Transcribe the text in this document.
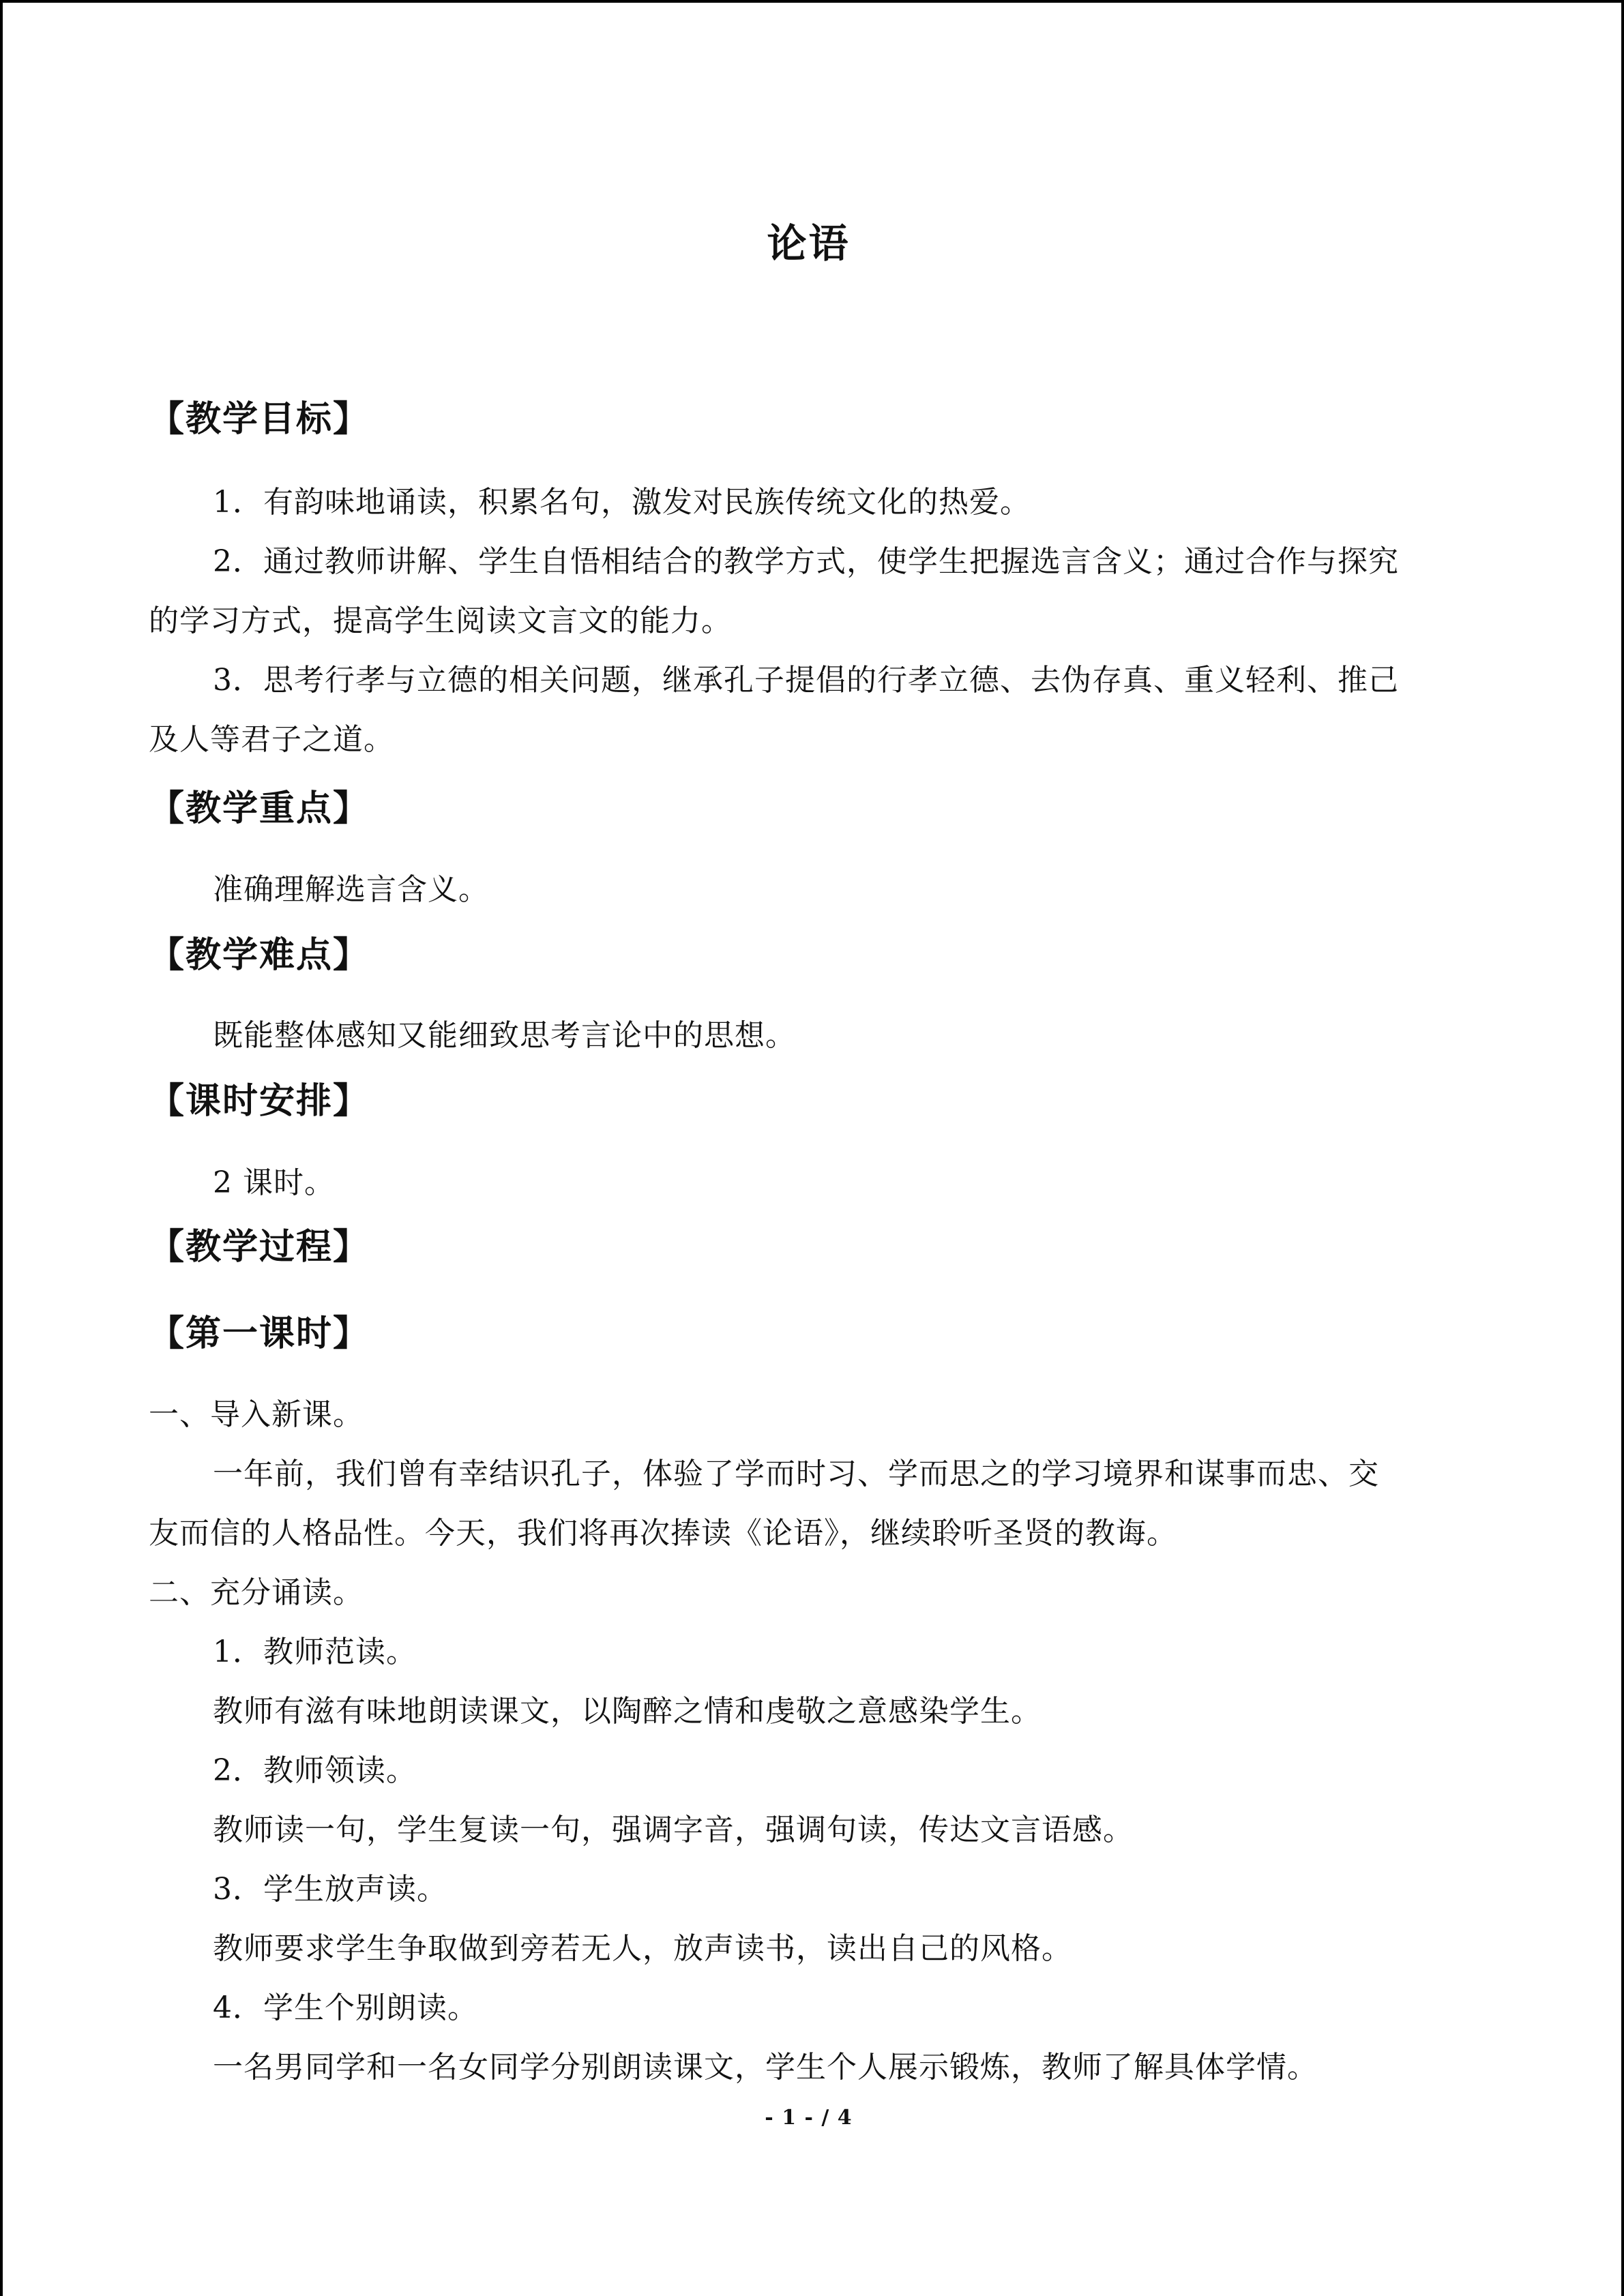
论语
【教学目标】
1．有韵味地诵读，积累名句，激发对民族传统文化的热爱。
2．通过教师讲解、学生自悟相结合的教学方式，使学生把握选言含义；通过合作与探究
的学习方式，提高学生阅读文言文的能力。
3．思考行孝与立德的相关问题，继承孔子提倡的行孝立德、去伪存真、重义轻利、推己
及人等君子之道。
【教学重点】
准确理解选言含义。
【教学难点】
既能整体感知又能细致思考言论中的思想。
【课时安排】
2 课时。
【教学过程】
【第一课时】
一、导入新课。
一年前，我们曾有幸结识孔子，体验了学而时习、学而思之的学习境界和谋事而忠、交
友而信的人格品性。今天，我们将再次捧读《论语》，继续聆听圣贤的教诲。
二、充分诵读。
1．教师范读。
教师有滋有味地朗读课文，以陶醉之情和虔敬之意感染学生。
2．教师领读。
教师读一句，学生复读一句，强调字音，强调句读，传达文言语感。
3．学生放声读。
教师要求学生争取做到旁若无人，放声读书，读出自己的风格。
4．学生个别朗读。
一名男同学和一名女同学分别朗读课文，学生个人展示锻炼，教师了解具体学情。
- 1 - / 4
